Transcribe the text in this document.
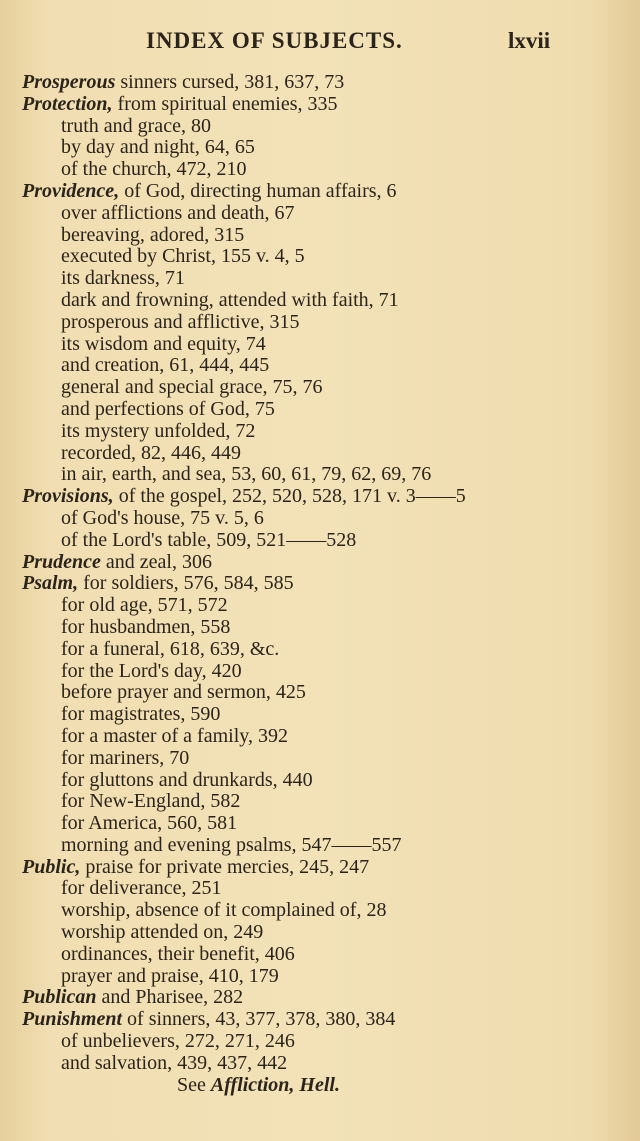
INDEX OF SUBJECTS.	lxvii
Prosperous sinners cursed, 381, 637, 73
Protection, from spiritual enemies, 335
truth and grace, 80
by day and night, 64, 65
of the church, 472, 210
Providence, of God, directing human affairs, 6
over afflictions and death, 67
bereaving, adored, 315
executed by Christ, 155 v. 4, 5
its darkness, 71
dark and frowning, attended with faith, 71
prosperous and afflictive, 315
its wisdom and equity, 74
and creation, 61, 444, 445
general and special grace, 75, 76
and perfections of God, 75
its mystery unfolded, 72
recorded, 82, 446, 449
in air, earth, and sea, 53, 60, 61, 79, 62, 69, 76
Provisions, of the gospel, 252, 520, 528, 171 v. 3——5
of God's house, 75 v. 5, 6
of the Lord's table, 509, 521——528
Prudence and zeal, 306
Psalm, for soldiers, 576, 584, 585
for old age, 571, 572
for husbandmen, 558
for a funeral, 618, 639, &c.
for the Lord's day, 420
before prayer and sermon, 425
for magistrates, 590
for a master of a family, 392
for mariners, 70
for gluttons and drunkards, 440
for New-England, 582
for America, 560, 581
morning and evening psalms, 547——557
Public, praise for private mercies, 245, 247
for deliverance, 251
worship, absence of it complained of, 28
worship attended on, 249
ordinances, their benefit, 406
prayer and praise, 410, 179
Publican and Pharisee, 282
Punishment of sinners, 43, 377, 378, 380, 384
of unbelievers, 272, 271, 246
and salvation, 439, 437, 442
See Affliction, Hell.
